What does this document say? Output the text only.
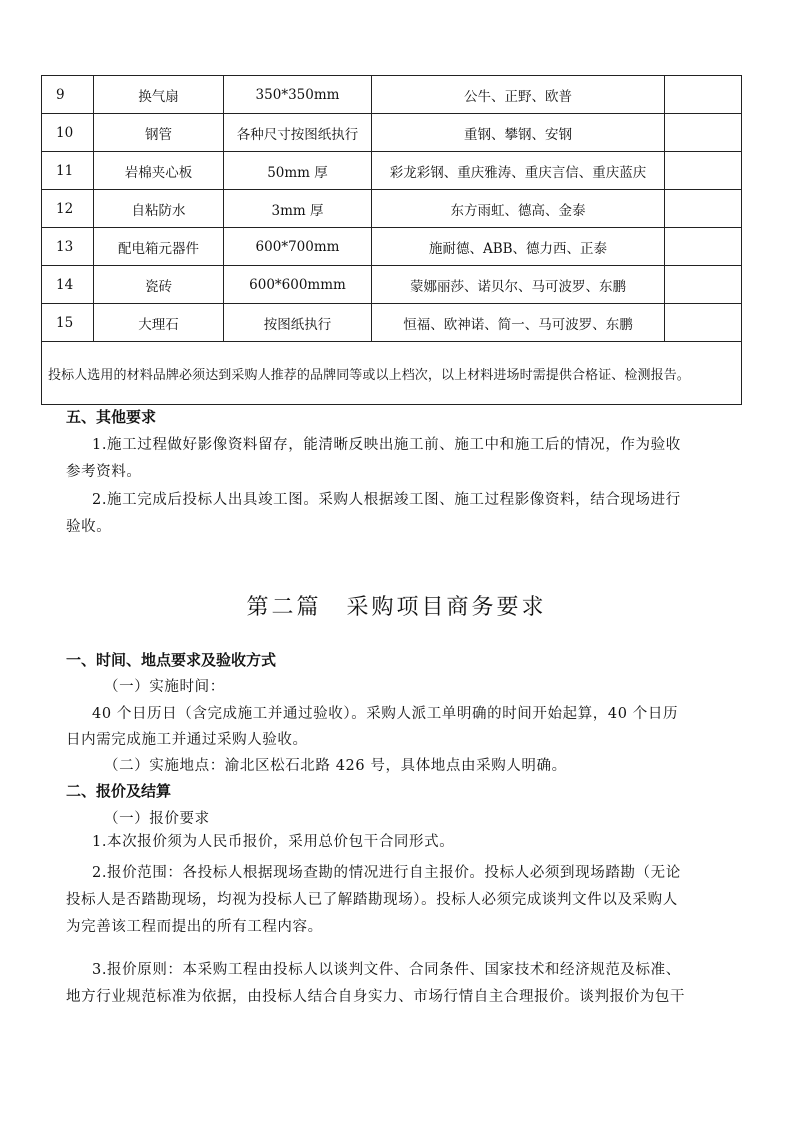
9	换气扇	350*350mm	公牛、正野、欧普	
10	钢管	各种尺寸按图纸执行	重钢、攀钢、安钢	
11	岩棉夹心板	50mm 厚	彩龙彩钢、重庆雅涛、重庆言信、重庆蓝庆	
12	自粘防水	3mm 厚	东方雨虹、德高、金泰	
13	配电箱元器件	600*700mm	施耐德、ABB、德力西、正泰	
14	瓷砖	600*600mmm	蒙娜丽莎、诺贝尔、马可波罗、东鹏	
15	大理石	按图纸执行	恒福、欧神诺、简一、马可波罗、东鹏	
投标人选用的材料品牌必须达到采购人推荐的品牌同等或以上档次，以上材料进场时需提供合格证、检测报告。				
五、其他要求
1.施工过程做好影像资料留存，能清晰反映出施工前、施工中和施工后的情况，作为验收
参考资料。
2.施工完成后投标人出具竣工图。采购人根据竣工图、施工过程影像资料，结合现场进行
验收。
第二篇　采购项目商务要求
一、时间、地点要求及验收方式
（一）实施时间：
40 个日历日（含完成施工并通过验收）。采购人派工单明确的时间开始起算，40 个日历
日内需完成施工并通过采购人验收。
（二）实施地点：渝北区松石北路 426 号，具体地点由采购人明确。
二、报价及结算
（一）报价要求
1.本次报价须为人民币报价，采用总价包干合同形式。
2.报价范围：各投标人根据现场查勘的情况进行自主报价。投标人必须到现场踏勘（无论
投标人是否踏勘现场，均视为投标人已了解踏勘现场）。投标人必须完成谈判文件以及采购人
为完善该工程而提出的所有工程内容。
3.报价原则：本采购工程由投标人以谈判文件、合同条件、国家技术和经济规范及标准、
地方行业规范标准为依据，由投标人结合自身实力、市场行情自主合理报价。谈判报价为包干
